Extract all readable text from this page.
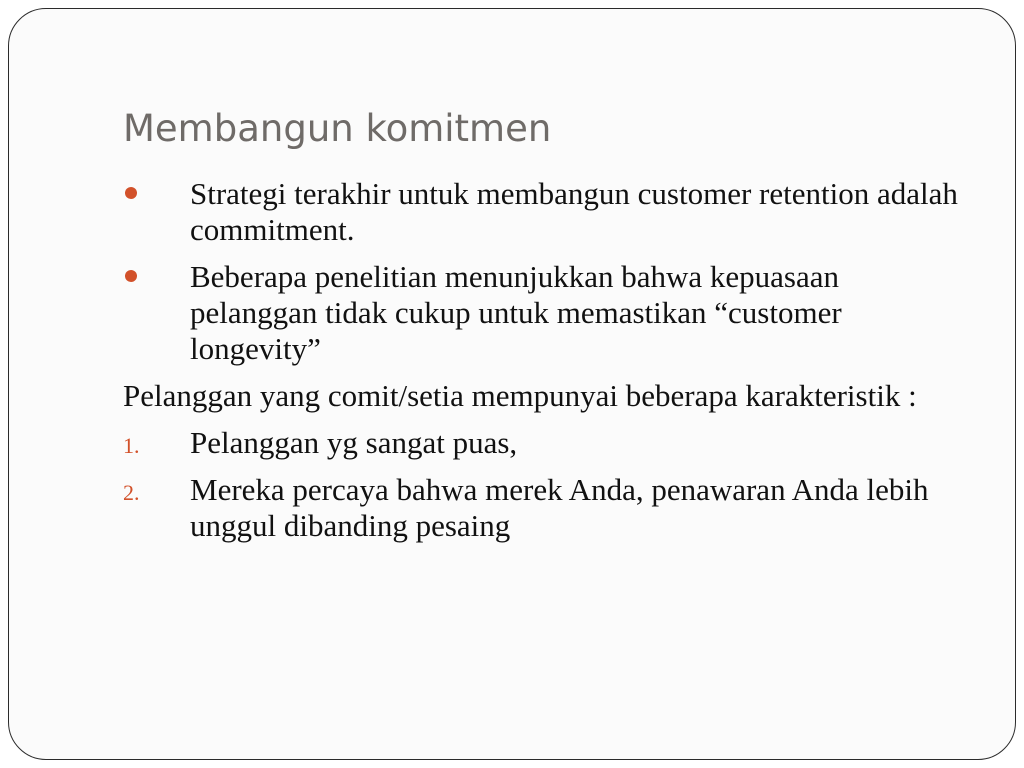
Membangun komitmen
Strategi terakhir untuk membangun customer retention adalah commitment.
Beberapa penelitian menunjukkan bahwa kepuasaan pelanggan tidak cukup untuk memastikan “customer longevity”
Pelanggan yang comit/setia mempunyai beberapa karakteristik :
1. Pelanggan yg sangat puas,
2. Mereka percaya bahwa merek Anda, penawaran Anda lebih unggul dibanding pesaing
